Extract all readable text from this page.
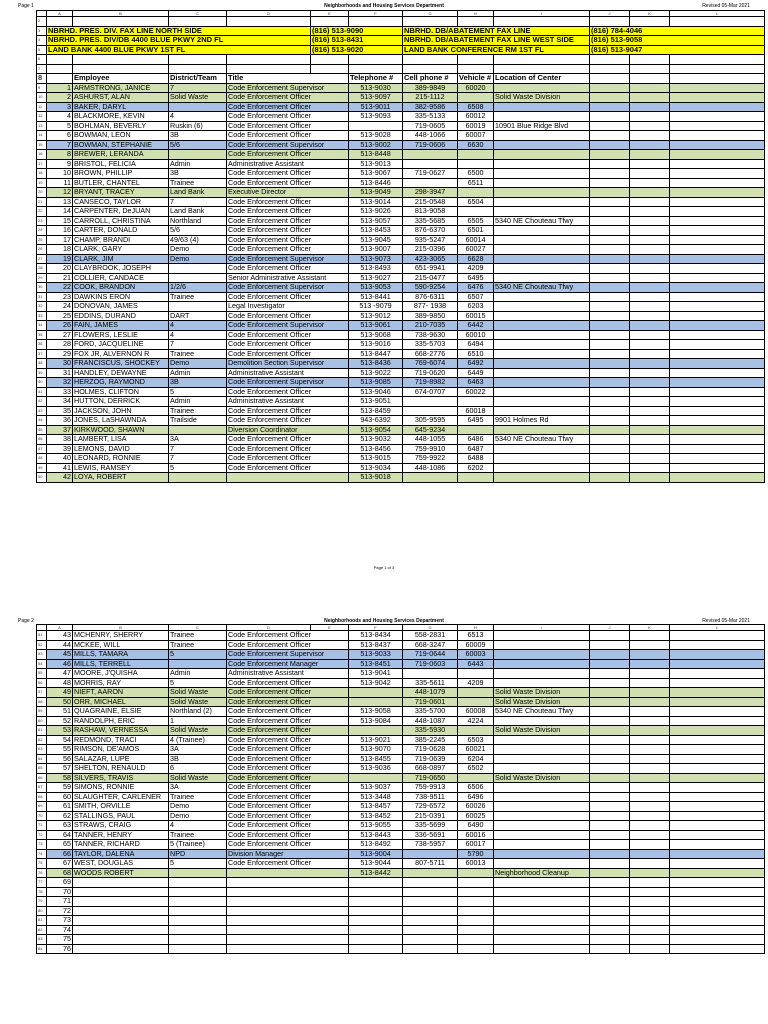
Page 1	Neighborhoods and Housing Services Department	Revised 05-Mar 2021
	A	B	C	D	E	F	G	H	I	J	K	L
2												
3	NBRHD. PRES. DIV. FAX LINE NORTH SIDE				(816) 513-9090		NBRHD. DB/ABATEMENT FAX LINE			(816) 784-4046		
4	NBRHD. PRES. DIV/DB 4400 BLUE PKWY 2ND FL				(816) 513-8431		NBRHD. DB/ABATEMENT FAX LINE WEST SIDE			(816) 513-9058		
5	LAND BANK 4400 BLUE PKWY 1ST FL				(816) 513-9020		LAND BANK CONFERENCE RM 1ST FL			(816) 513-9047		
6												
7												
8		Employee	District/Team	Title		Telephone #	Cell phone #	Vehicle #	Location of Center			
9	1	ARMSTRONG, JANICE	7	Code Enforcement Supervisor		513-9030	389-9849	60020				
10	2	ASHURST, ALAN	Solid Waste	Code Enforcement Officer		513-9097	215-1112		Solid Waste Division			
11	3	BAKER, DARYL		Code Enforcement Officer		513-9011	382-9586	6508				
12	4	BLACKMORE, KEVIN	4	Code Enforcement Officer		513-9093	335-5133	60012				
13	5	BOHLMAN, BEVERLY	Ruskin (6)	Code Enforcement Officer			719-0605	60019	10901 Blue Ridge Blvd			
14	6	BOWMAN, LEON	3B	Code Enforcement Officer		513-9028	448-1066	60007				
15	7	BOWMAN, STEPHANIE	5/6	Code Enforcement Supervisor		513-9002	719-0606	6630				
16	8	BREWER, LERANDA		Code Enforcement Officer		513-8448						
17	9	BRISTOL, FELICIA	Admin	Administrative Assistant		513-9013						
18	10	BROWN, PHILLIP	3B	Code Enforcement Officer		513-9067	719-0627	6500				
19	11	BUTLER, CHANTEL	Trainee	Code Enforcement Officer		513-8446		6511				
20	12	BRYANT, TRACEY	Land Bank	Executive Director		513-9049	298-3947					
21	13	CANSECO, TAYLOR	7	Code Enforcement Officer		513-9014	215-0548	6504				
22	14	CARPENTER, DeJUAN	Land Bank	Code Enforcement Officer		513-9026	813-9058					
23	15	CARROLL, CHRISTINA	Northland	Code Enforcement Officer		513-9057	335-5685	6505	5340 NE Chouteau Tfwy			
24	16	CARTER, DONALD	5/6	Code Enforcement Officer		513-8453	876-6370	6501				
25	17	CHAMP, BRANDI	49/63 (4)	Code Enforcement Officer		513-9045	935-5247	60014				
26	18	CLARK, GARY	Demo	Code Enforcement Officer		513-9007	215-0396	60027				
27	19	CLARK, JIM	Demo	Code Enforcement Supervisor		513-9073	423-3065	6628				
28	20	CLAYBROOK, JOSEPH		Code Enforcement Officer		513-8493	651-9941	4209				
29	21	COLLIER, CANDACE		Senior Administrative Assistant		513-9027	215-0477	6495				
30	22	COOK, BRANDON	1/2/6	Code Enforcement Supervisor		513-9053	590-9254	6476	5340 NE Chouteau Tfwy			
31	23	DAWKINS ERON	Trainee	Code Enforcement Officer		513-8441	876-6311	6507				
32	24	DONOVAN, JAMES		Legal Investigator		513 -9079	877- 1938	6203				
33	25	EDDINS, DURAND	DART	Code Enforcement Officer		513-9012	389-9850	60015				
34	26	FAIN, JAMES	4	Code Enforcement Supervisor		513-9061	210-7035	6442				
35	27	FLOWERS, LESLIE	4	Code Enforcement Officer		513-9068	738-9630	60010				
36	28	FORD, JACQUELINE	7	Code Enforcement Officer		513-9016	335-5703	6494				
37	29	FOX JR, ALVERNON R	Trainee	Code Enforcement Officer		513-8447	668-2776	6510				
38	30	FRANCISCUS, SHOCKEY	Demo	Demolition Section Supervisor		513-8436	769-6074	6492				
39	31	HANDLEY, DEWAYNE	Admin	Administrative Assistant		513-9022	719-0620	6449				
40	32	HERZOG, RAYMOND	3B	Code Enforcement Supervisor		513-9085	719-8982	6463				
41	33	HOLMES, CLIFTON	5	Code Enforcement Officer		513-9046	674-0707	60022				
42	34	HUTTON, DERRICK	Admin	Administrative Assistant		513-9051						
43	35	JACKSON, JOHN	Trainee	Code Enforcement Officer		513-8459		60018				
44	36	JONES, LaSHAWNDA	Trailside	Code Enforcement Officer		943-6392	305-9595	6495	9901 Holmes Rd			
45	37	KIRKWOOD, SHAWN		Diversion Coordinator		513-9054	645-9234					
46	38	LAMBERT, LISA	3A	Code Enforcement Officer		513-9032	448-1055	6486	5340 NE Chouteau Tfwy			
47	39	LEMONS, DAVID	7	Code Enforcement Officer		513-8456	759-9910	6487				
48	40	LEONARD, RONNIE	7	Code Enforcement Officer		513-9015	759-9922	6488				
49	41	LEWIS, RAMSEY	5	Code Enforcement Officer		513-9034	448-1086	6202				
50	42	LOYA, ROBERT				513-9018						
Page 1 of 3
Page 2	Neighborhoods and Housing Services Department	Revised 05-Mar 2021
	A	B	C	D	E	F	G	H	I	J	K	L
51	43	MCHENRY, SHERRY	Trainee	Code Enforcement Officer		513-8434	558-2831	6513				
52	44	MCKEE, WILL	Trainee	Code Enforcement Officer		513-8437	668-3247	60009				
53	45	MILLS, TAMARA	5	Code Enforcement Supervisor		513-9033	719-0644	60003				
54	46	MILLS, TERRELL		Code Enforcement Manager		513-8451	719-0603	6443				
55	47	MOORE, J'QUISHA	Admin	Administrative Assistant		513-9041						
56	48	MORRIS, RAY	5	Code Enforcement Officer		513-9042	335-5611	4209				
57	49	NIEFT, AARON	Solid Waste	Code Enforcement Officer			448-1079		Solid Waste Division			
58	50	ORR, MICHAEL	Solid Waste	Code Enforcement Officer			719-0601		Solid Waste Division			
59	51	QUAGRAINE, ELSIE	Northland (2)	Code Enforcement Officer		513-9058	335-5700	60008	5340 NE Chouteau Tfwy			
60	52	RANDOLPH, ERIC	1	Code Enforcement Officer		513-9084	448-1087	4224				
61	53	RASHAW, VERNESSA	Solid Waste	Code Enforcement Officer			335-5930		Solid Waste Division			
62	54	REDMOND, TRACI	4 (Trainee)	Code Enforcement Officer		513-9021	385-2245	6503				
63	55	RIMSON, DE'AMOS	3A	Code Enforcement Officer		513-9070	719-0628	60021				
64	56	SALAZAR, LUPE	3B	Code Enforcement Officer		513-8455	719-0639	6204				
65	57	SHELTON, RENAULD	6	Code Enforcement Officer		513-9036	668-0897	6502				
66	58	SILVERS, TRAVIS	Solid Waste	Code Enforcement Officer			719-0650		Solid Waste Division			
67	59	SIMONS, RONNIE	3A	Code Enforcement Officer		513-9037	759-9913	6506				
68	60	SLAUGHTER, CARLENER	Trainee	Code Enforcement Officer		513-3448	738-9511	6496				
69	61	SMITH, ORVILLE	Demo	Code Enforcement Officer		513-8457	729-6572	60026				
70	62	STALLINGS, PAUL	Demo	Code Enforcement Officer		513-8452	215-0391	60025				
71	63	STRAWS, CRAIG	4	Code Enforcement Officer		513-9055	335-5699	6490				
72	64	TANNER, HENRY	Trainee	Code Enforcement Officer		513-8443	336-5691	60016				
73	65	TANNER, RICHARD	5 (Trainee)	Code Enforcement Officer		513-8492	738-5957	60017				
74	66	TAYLOR, DALENA	NPD	Division Manager		513-9004		5790				
75	67	WEST, DOUGLAS	5	Code Enforcement Officer		513-9044	807-5711	60013				
76	68	WOODS ROBERT				513-8442			Neighborhood Cleanup			
77	69											
78	70											
79	71											
80	72											
81	73											
82	74											
83	75											
84	76											
